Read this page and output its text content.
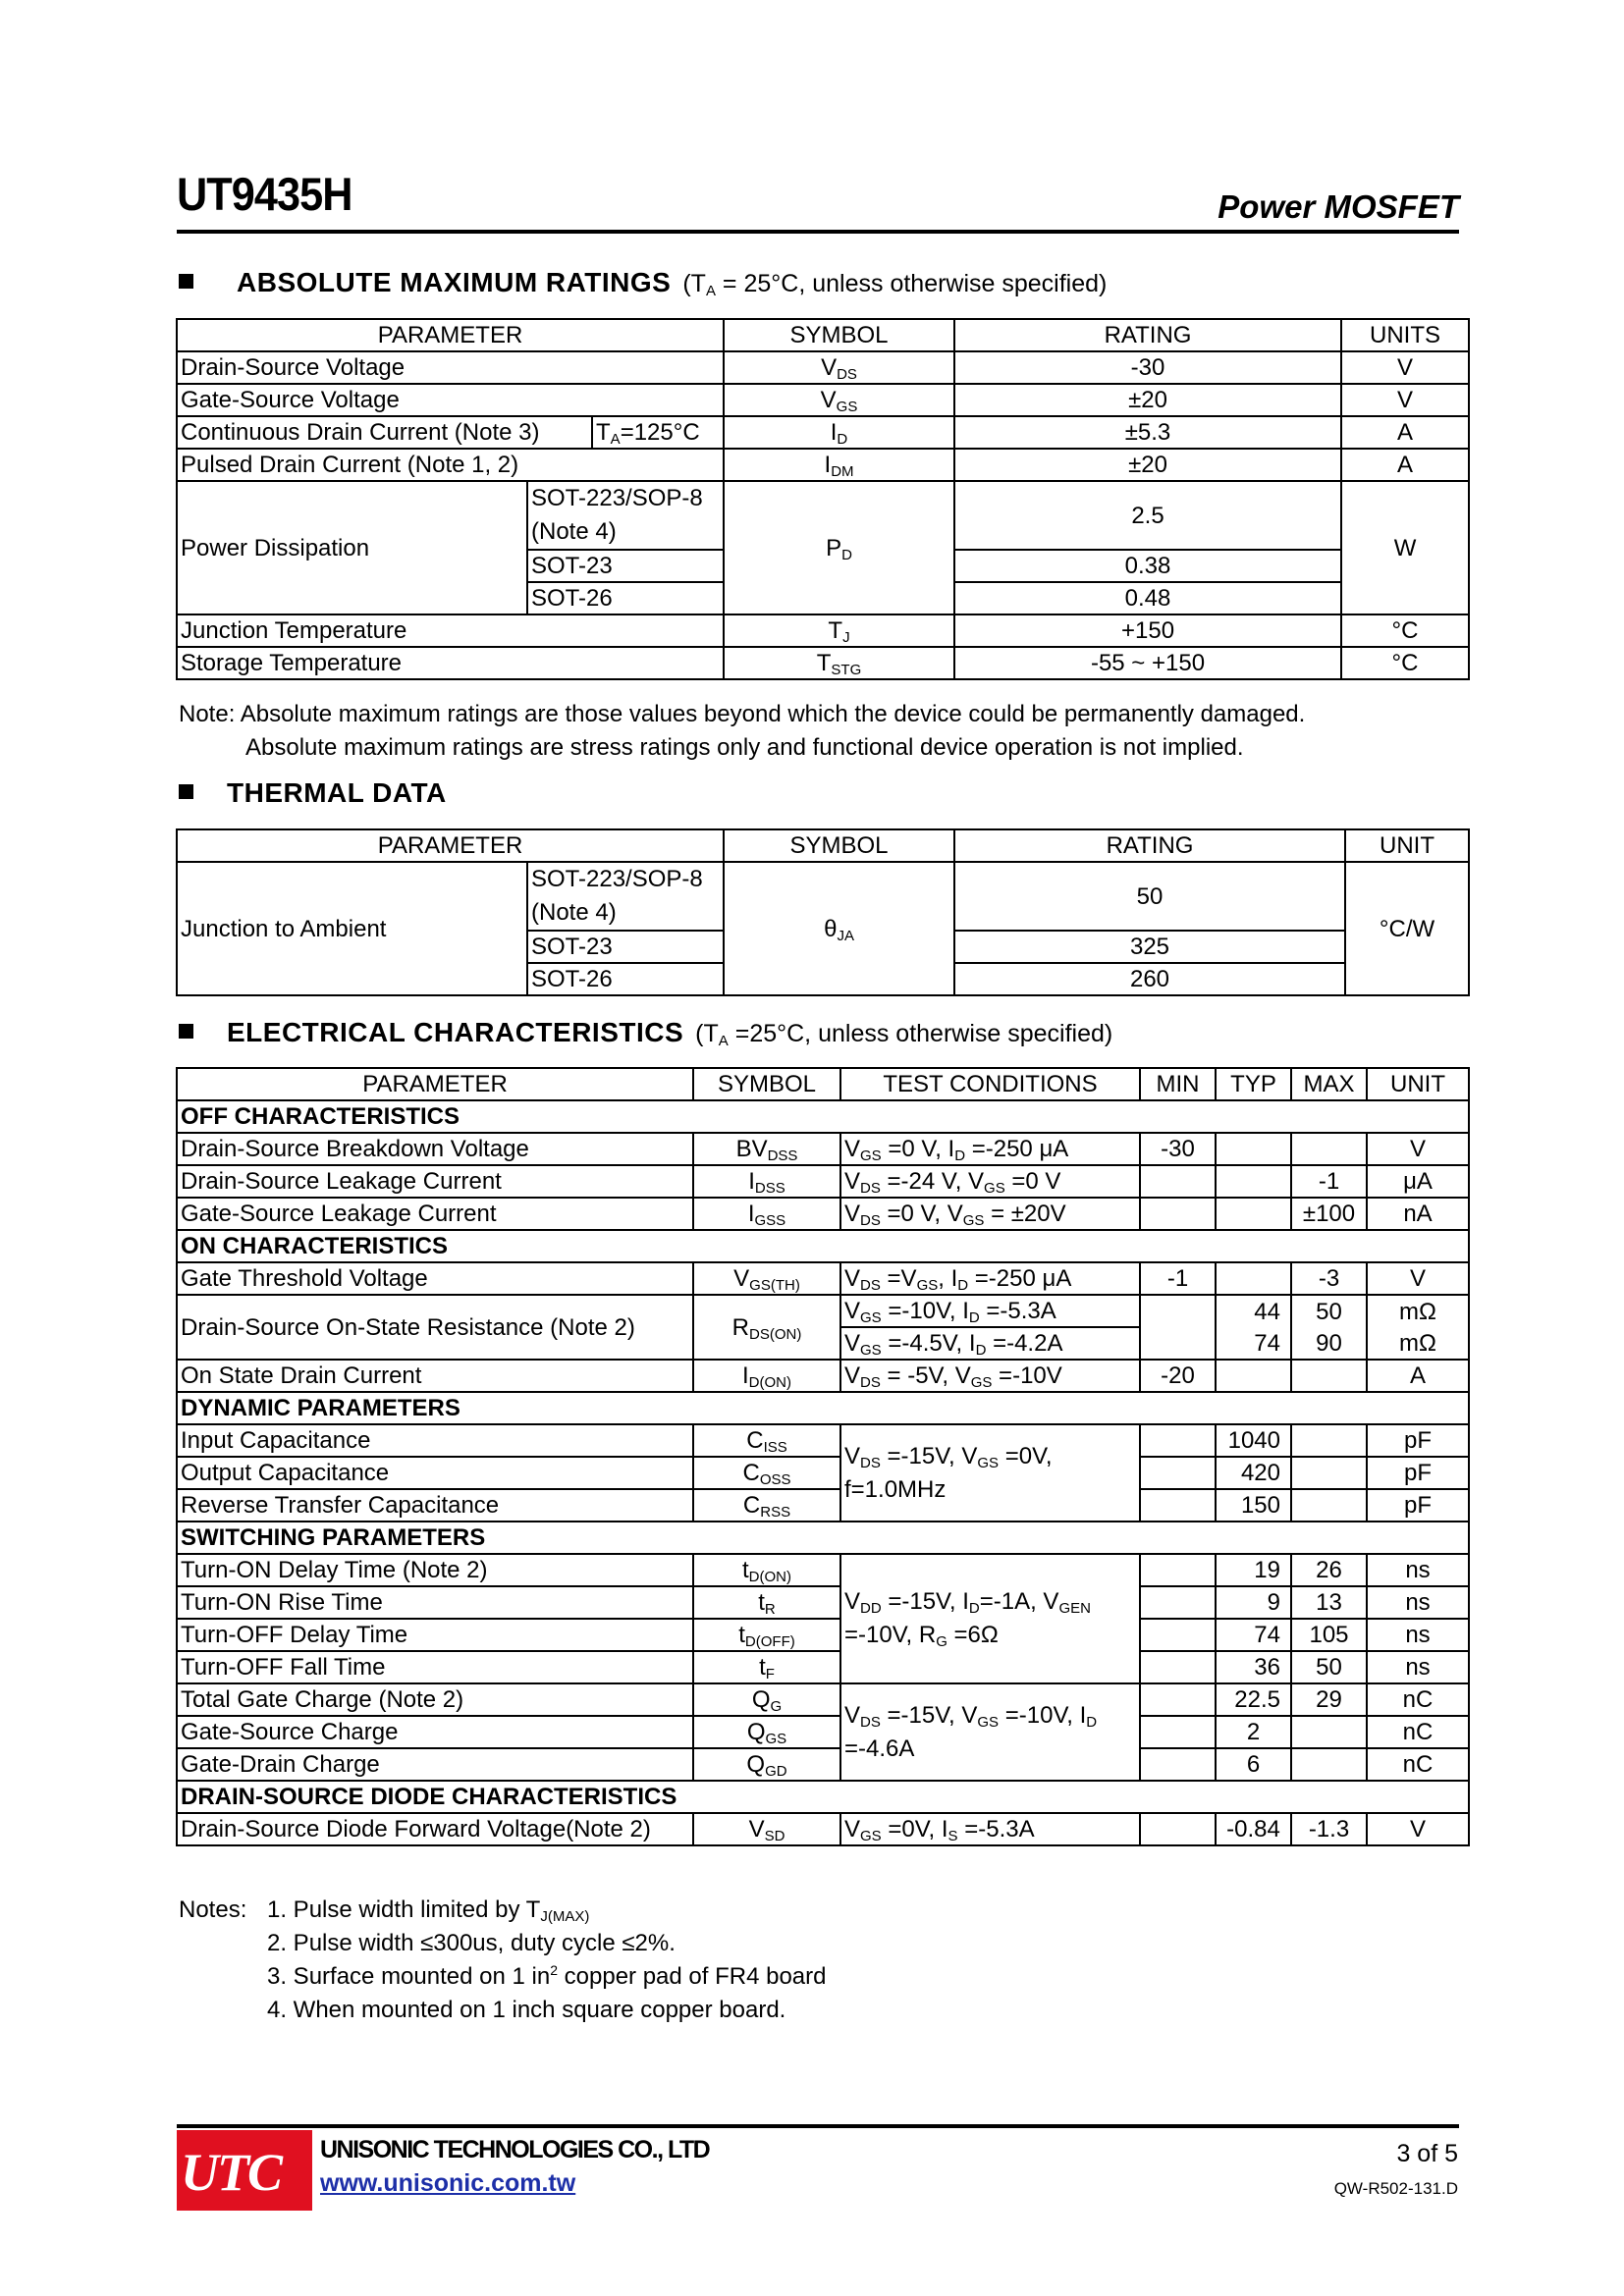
UT9435H	Power MOSFET
ABSOLUTE MAXIMUM RATINGS ($T_A = 25^\circ C$, unless otherwise specified)
PARAMETER		SYMBOL	RATING	UNITS
Drain-Source Voltage		$V_{DS}$	-30	V
Gate-Source Voltage		$V_{GS}$	±20	V

Continuous Drain Current (Note 3) $T_A=125^\circ C$		$I_D$	±5.3	A
Pulsed Drain Current (Note 1, 2)		$I_{DM}$	±20	A
Power Dissipation	SOT-223/SOP-8 (Note 4)	$P_D$	2.5	W
	SOT-23		0.38	
	SOT-26		0.48	
Junction Temperature		$T_J$	+150	°C
Storage Temperature		$T_{STG}$	-55 ~ +150	°C
Note: Absolute maximum ratings are those values beyond which the device could be permanently damaged.
Absolute maximum ratings are stress ratings only and functional device operation is not implied.
THERMAL DATA
PARAMETER		SYMBOL	RATING	UNIT
Junction to Ambient	SOT-223/SOP-8 (Note 4)	$\theta_{JA}$	50	°C/W
	SOT-23		325	
	SOT-26		260	
ELECTRICAL CHARACTERISTICS ($T_A =25^\circ C$, unless otherwise specified)
PARAMETER	SYMBOL	TEST CONDITIONS	MIN	TYP	MAX	UNIT
OFF CHARACTERISTICS						
Drain-Source Breakdown Voltage	$BV_{DSS}$	$V_{GS} =0$ V, $I_D =-250$ μA	-30			V
Drain-Source Leakage Current	$I_{DSS}$	$V_{DS} =-24$ V, $V_{GS} =0$ V			-1	μA
Gate-Source Leakage Current	$I_{GSS}$	$V_{DS} =0$ V, $V_{GS} = \pm 20V$			±100	nA
ON CHARACTERISTICS						
Gate Threshold Voltage	$V_{GS(TH)}$	$V_{DS} =V_{GS}$, $I_D =-250$ μA	-1		-3	V
Drain-Source On-State Resistance (Note 2)	$R_{DS(ON)}$	$V_{GS} =-10V$, $I_D =-5.3A$		44	50	mΩ
		$V_{GS} =-4.5V$, $I_D =-4.2A$		74	90	mΩ
On State Drain Current	$I_{D(ON)}$	$V_{DS} = -5V$, $V_{GS} =-10V$	-20			A
DYNAMIC PARAMETERS						
Input Capacitance	$C_{ISS}$	$V_{DS} =-15V$, $V_{GS} =0V$, f=1.0MHz		1040		pF
Output Capacitance	$C_{OSS}$			420		pF
Reverse Transfer Capacitance	$C_{RSS}$			150		pF
SWITCHING PARAMETERS						
Turn-ON Delay Time (Note 2)	$t_{D(ON)}$	$V_{DD} =-15V$, $I_D=-1A$, $V_{GEN} =-10V$, $R_G =6\Omega$		19	26	ns
Turn-ON Rise Time	$t_R$			9	13	ns
Turn-OFF Delay Time	$t_{D(OFF)}$			74	105	ns
Turn-OFF Fall Time	$t_F$			36	50	ns
Total Gate Charge (Note 2)	$Q_G$	$V_{DS} =-15V$, $V_{GS} =-10V$, $I_D =-4.6A$		22.5	29	nC
Gate-Source Charge	$Q_{GS}$			2		nC
Gate-Drain Charge	$Q_{GD}$			6		nC
DRAIN-SOURCE DIODE CHARACTERISTICS						
Drain-Source Diode Forward Voltage(Note 2)	$V_{SD}$	$V_{GS} =0V$, $I_S =-5.3A$		-0.84	-1.3	V
Notes: 1. Pulse width limited by $T_{J(MAX)}$
2. Pulse width ≤300us, duty cycle ≤2%.
3. Surface mounted on 1 $in^2$ copper pad of FR4 board
4. When mounted on 1 inch square copper board.
UTC UNISONIC TECHNOLOGIES CO., LTD
www.unisonic.com.tw
3 of 5
QW-R502-131.D
